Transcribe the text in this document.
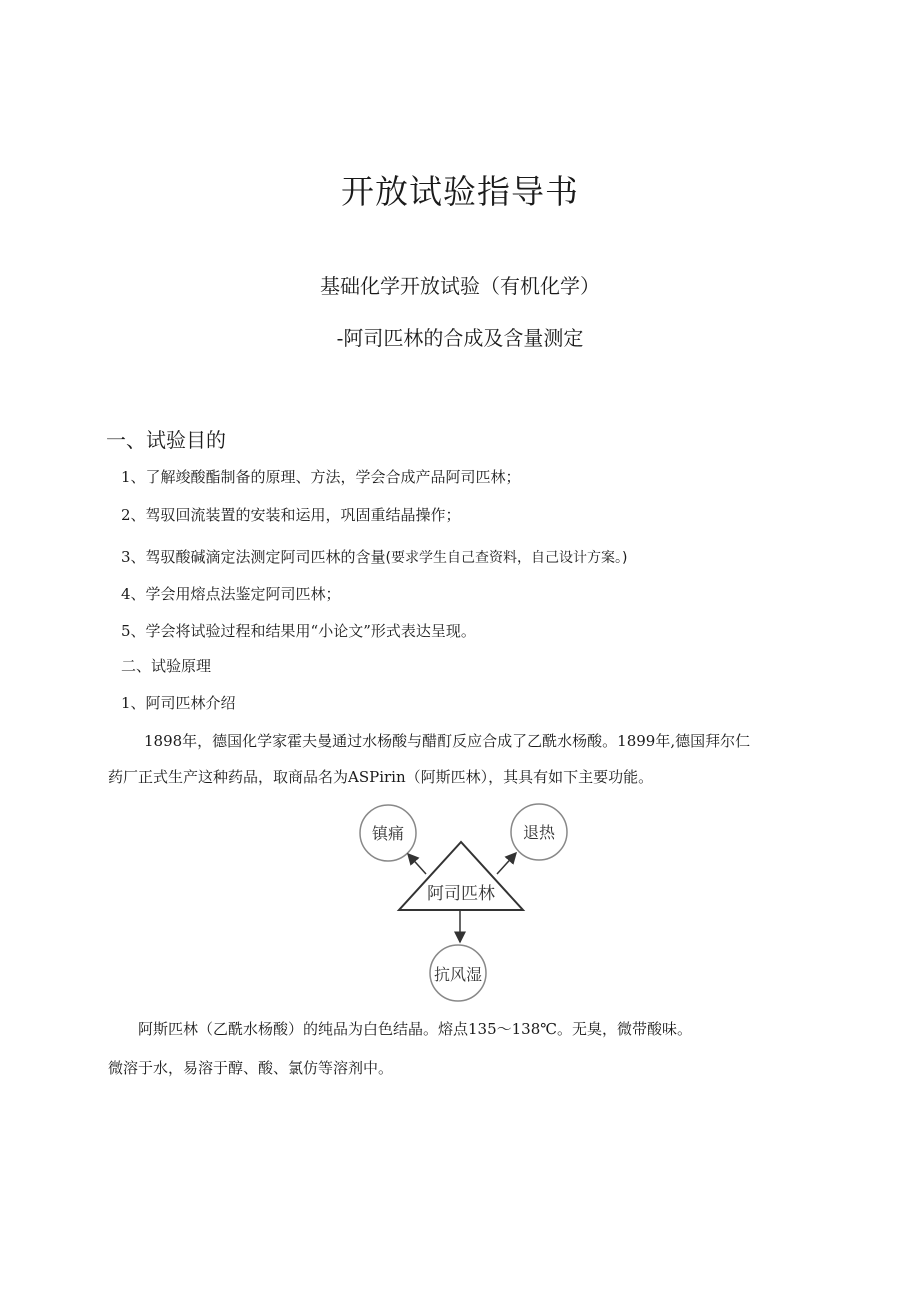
开放试验指导书
基础化学开放试验（有机化学）
-阿司匹林的合成及含量测定
一、试验目的
1、了解竣酸酯制备的原理、方法，学会合成产品阿司匹林；
2、驾驭回流装置的安装和运用，巩固重结晶操作；
3、驾驭酸碱滴定法测定阿司匹林的含量(要求学生自己查资料，自己设计方案。)
4、学会用熔点法鉴定阿司匹林；
5、学会将试验过程和结果用“小论文”形式表达呈现。
二、试验原理
1、阿司匹林介绍
1898年，德国化学家霍夫曼通过水杨酸与醋酊反应合成了乙酰水杨酸。1899年,德国拜尔仁
药厂正式生产这种药品，取商品名为ASPirin（阿斯匹林），其具有如下主要功能。
阿司匹林
镇痛	退热
抗风湿
阿斯匹林（乙酰水杨酸）的纯品为白色结晶。熔点135～138℃。无臭，微带酸味。
微溶于水，易溶于醇、酸、氯仿等溶剂中。
